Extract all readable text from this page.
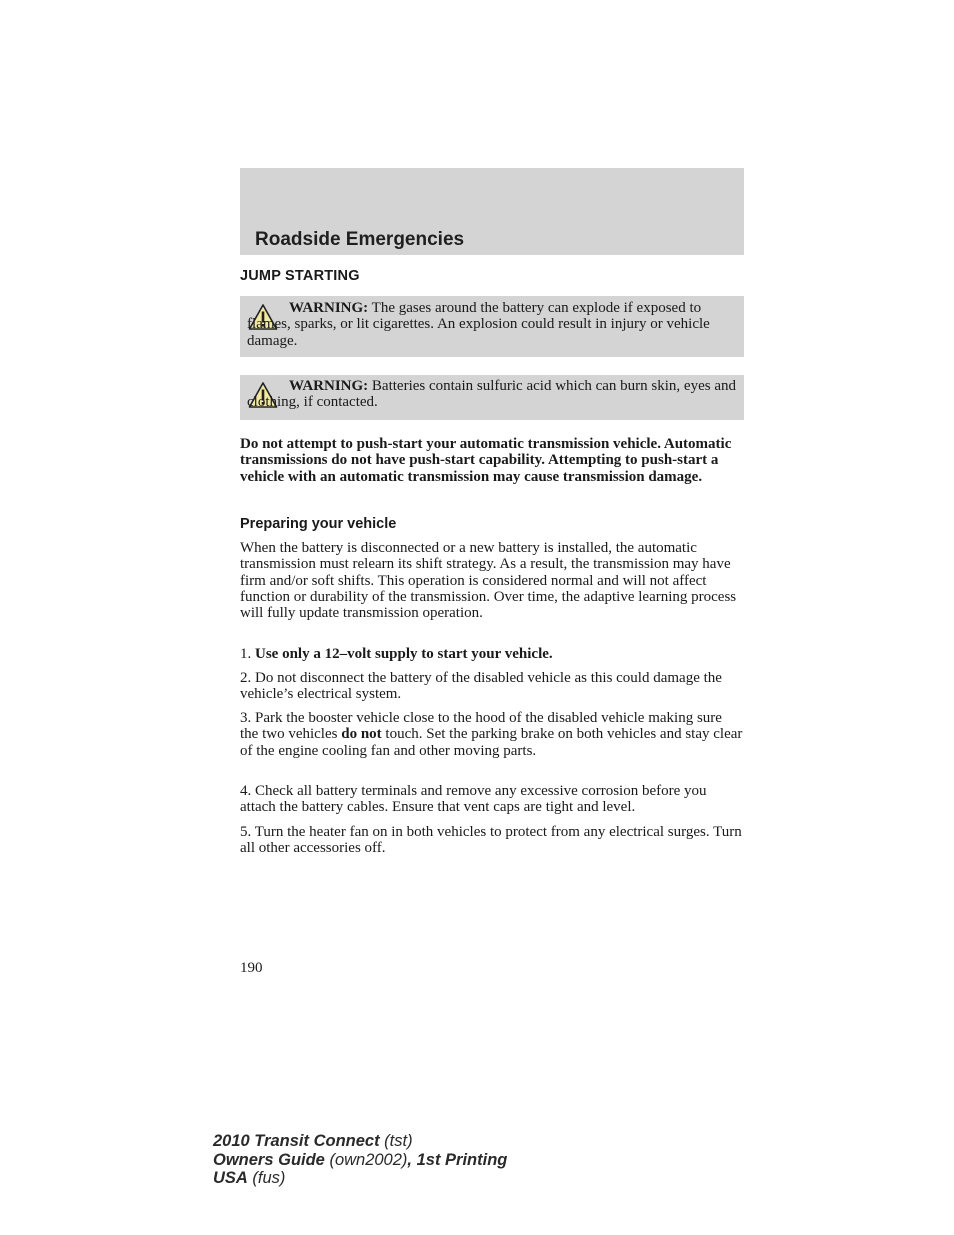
Roadside Emergencies
JUMP STARTING
WARNING: The gases around the battery can explode if exposed to flames, sparks, or lit cigarettes. An explosion could result in injury or vehicle damage.
WARNING: Batteries contain sulfuric acid which can burn skin, eyes and clothing, if contacted.
Do not attempt to push-start your automatic transmission vehicle. Automatic transmissions do not have push-start capability. Attempting to push-start a vehicle with an automatic transmission may cause transmission damage.
Preparing your vehicle
When the battery is disconnected or a new battery is installed, the automatic transmission must relearn its shift strategy. As a result, the transmission may have firm and/or soft shifts. This operation is considered normal and will not affect function or durability of the transmission. Over time, the adaptive learning process will fully update transmission operation.
1. Use only a 12–volt supply to start your vehicle.
2. Do not disconnect the battery of the disabled vehicle as this could damage the vehicle’s electrical system.
3. Park the booster vehicle close to the hood of the disabled vehicle making sure the two vehicles do not touch. Set the parking brake on both vehicles and stay clear of the engine cooling fan and other moving parts.
4. Check all battery terminals and remove any excessive corrosion before you attach the battery cables. Ensure that vent caps are tight and level.
5. Turn the heater fan on in both vehicles to protect from any electrical surges. Turn all other accessories off.
190
2010 Transit Connect (tst)
Owners Guide (own2002), 1st Printing
USA (fus)
